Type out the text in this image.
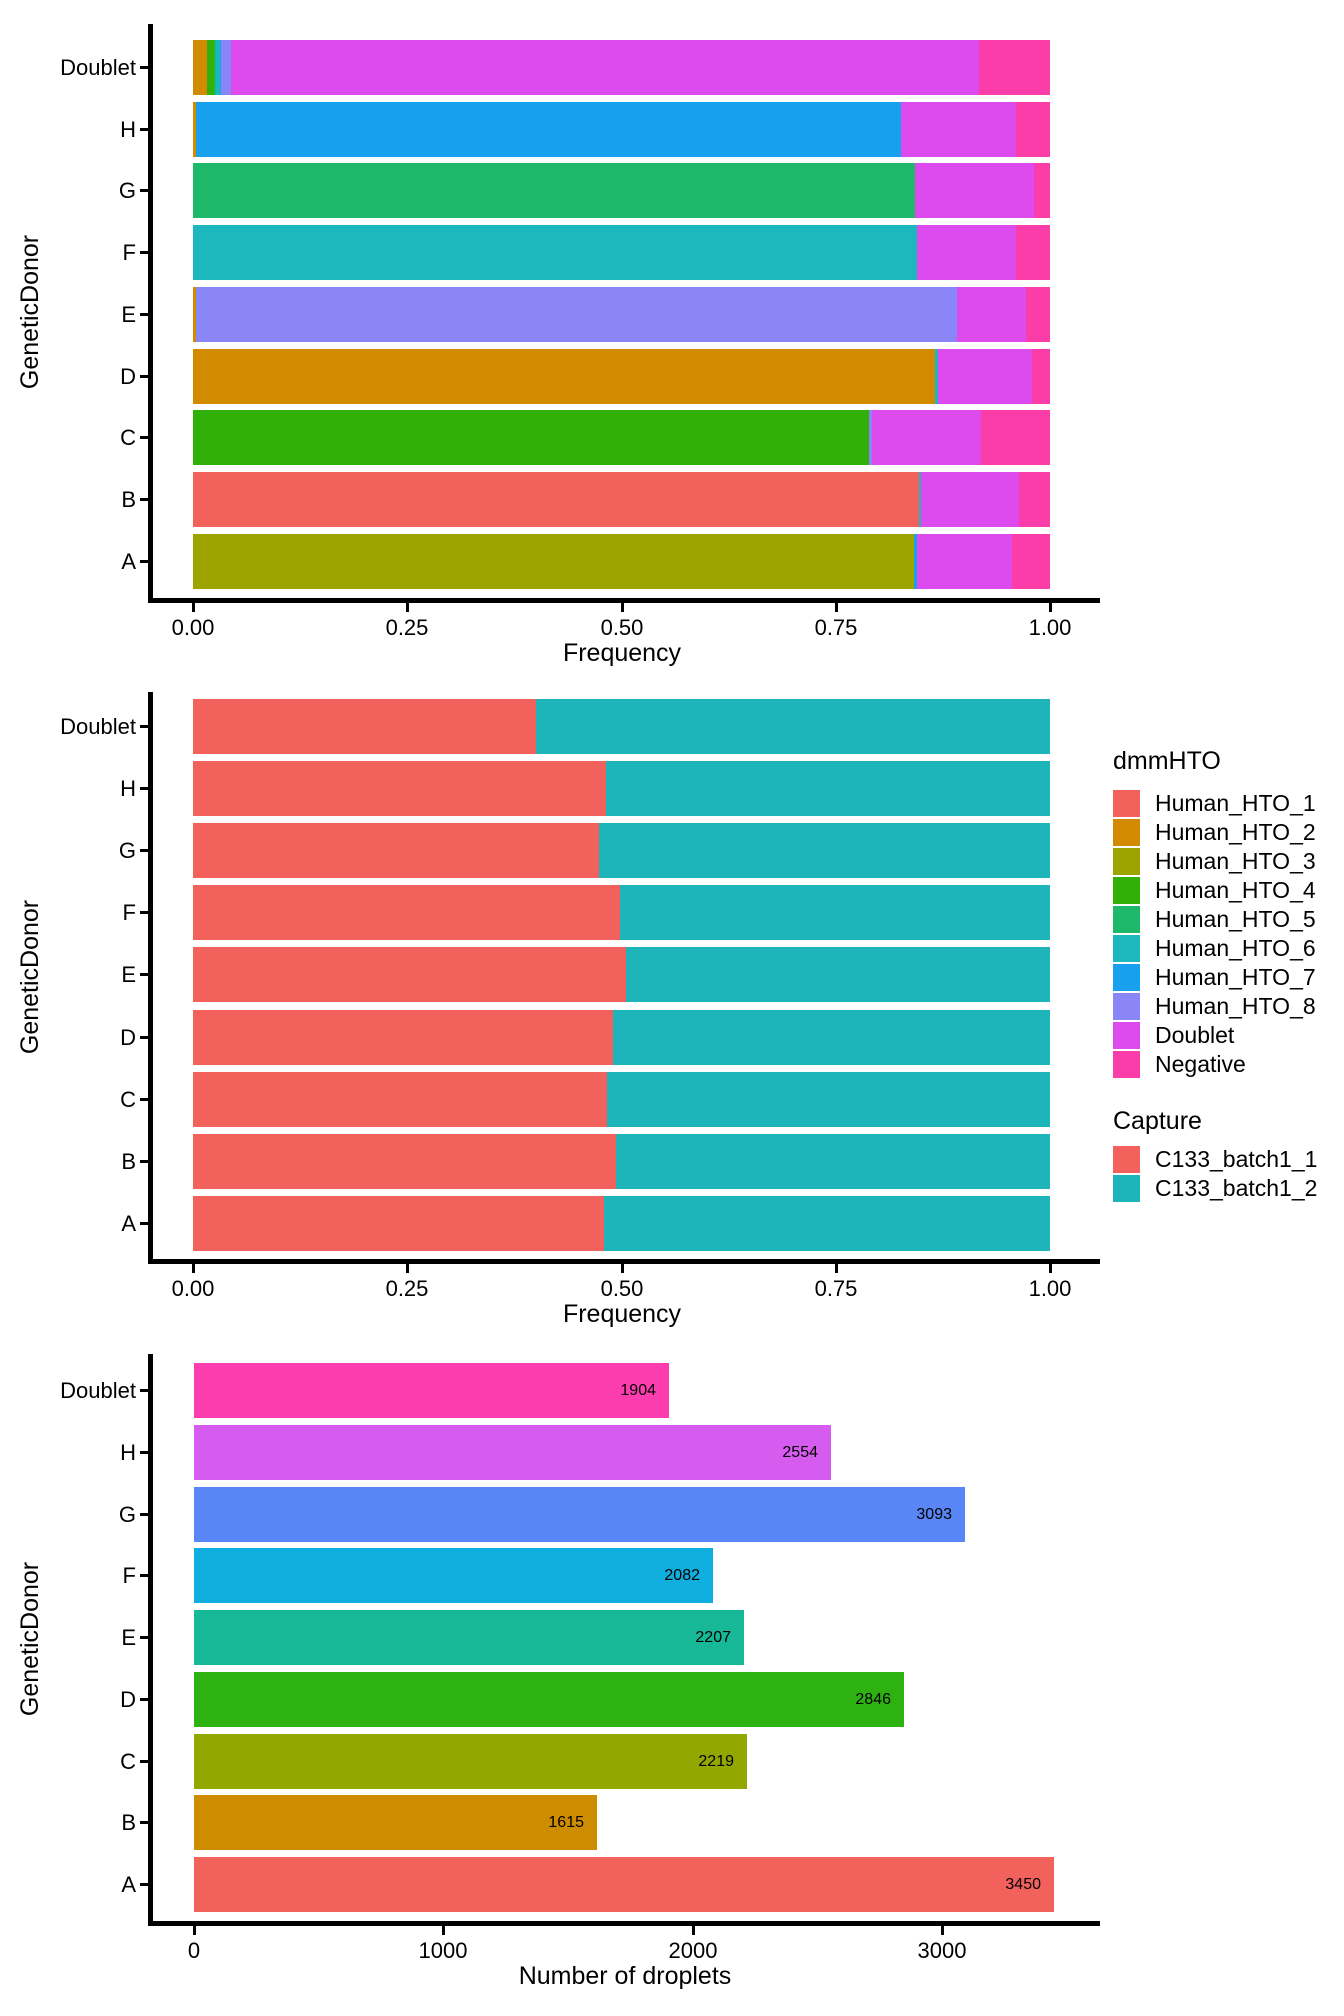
0.00	0.25	0.50	0.75	1.00
Doublet
H
G
F
E
D
C
B
A
0.00	0.25	0.50	0.75	1.00
Doublet
H
G
F
E
D
C
B
A
0	1000	2000	3000
Doublet	1904
H	2554
G	3093
F	2082
E	2207
D	2846
C	2219
B	1615
A	3450
GeneticDonor
GeneticDonor
GeneticDonor
Frequency
Frequency
Number of droplets
dmmHTO
Capture
Human_HTO_1
Human_HTO_2
Human_HTO_3
Human_HTO_4
Human_HTO_5
Human_HTO_6
Human_HTO_7
Human_HTO_8
Doublet
Negative
C133_batch1_1
C133_batch1_2
